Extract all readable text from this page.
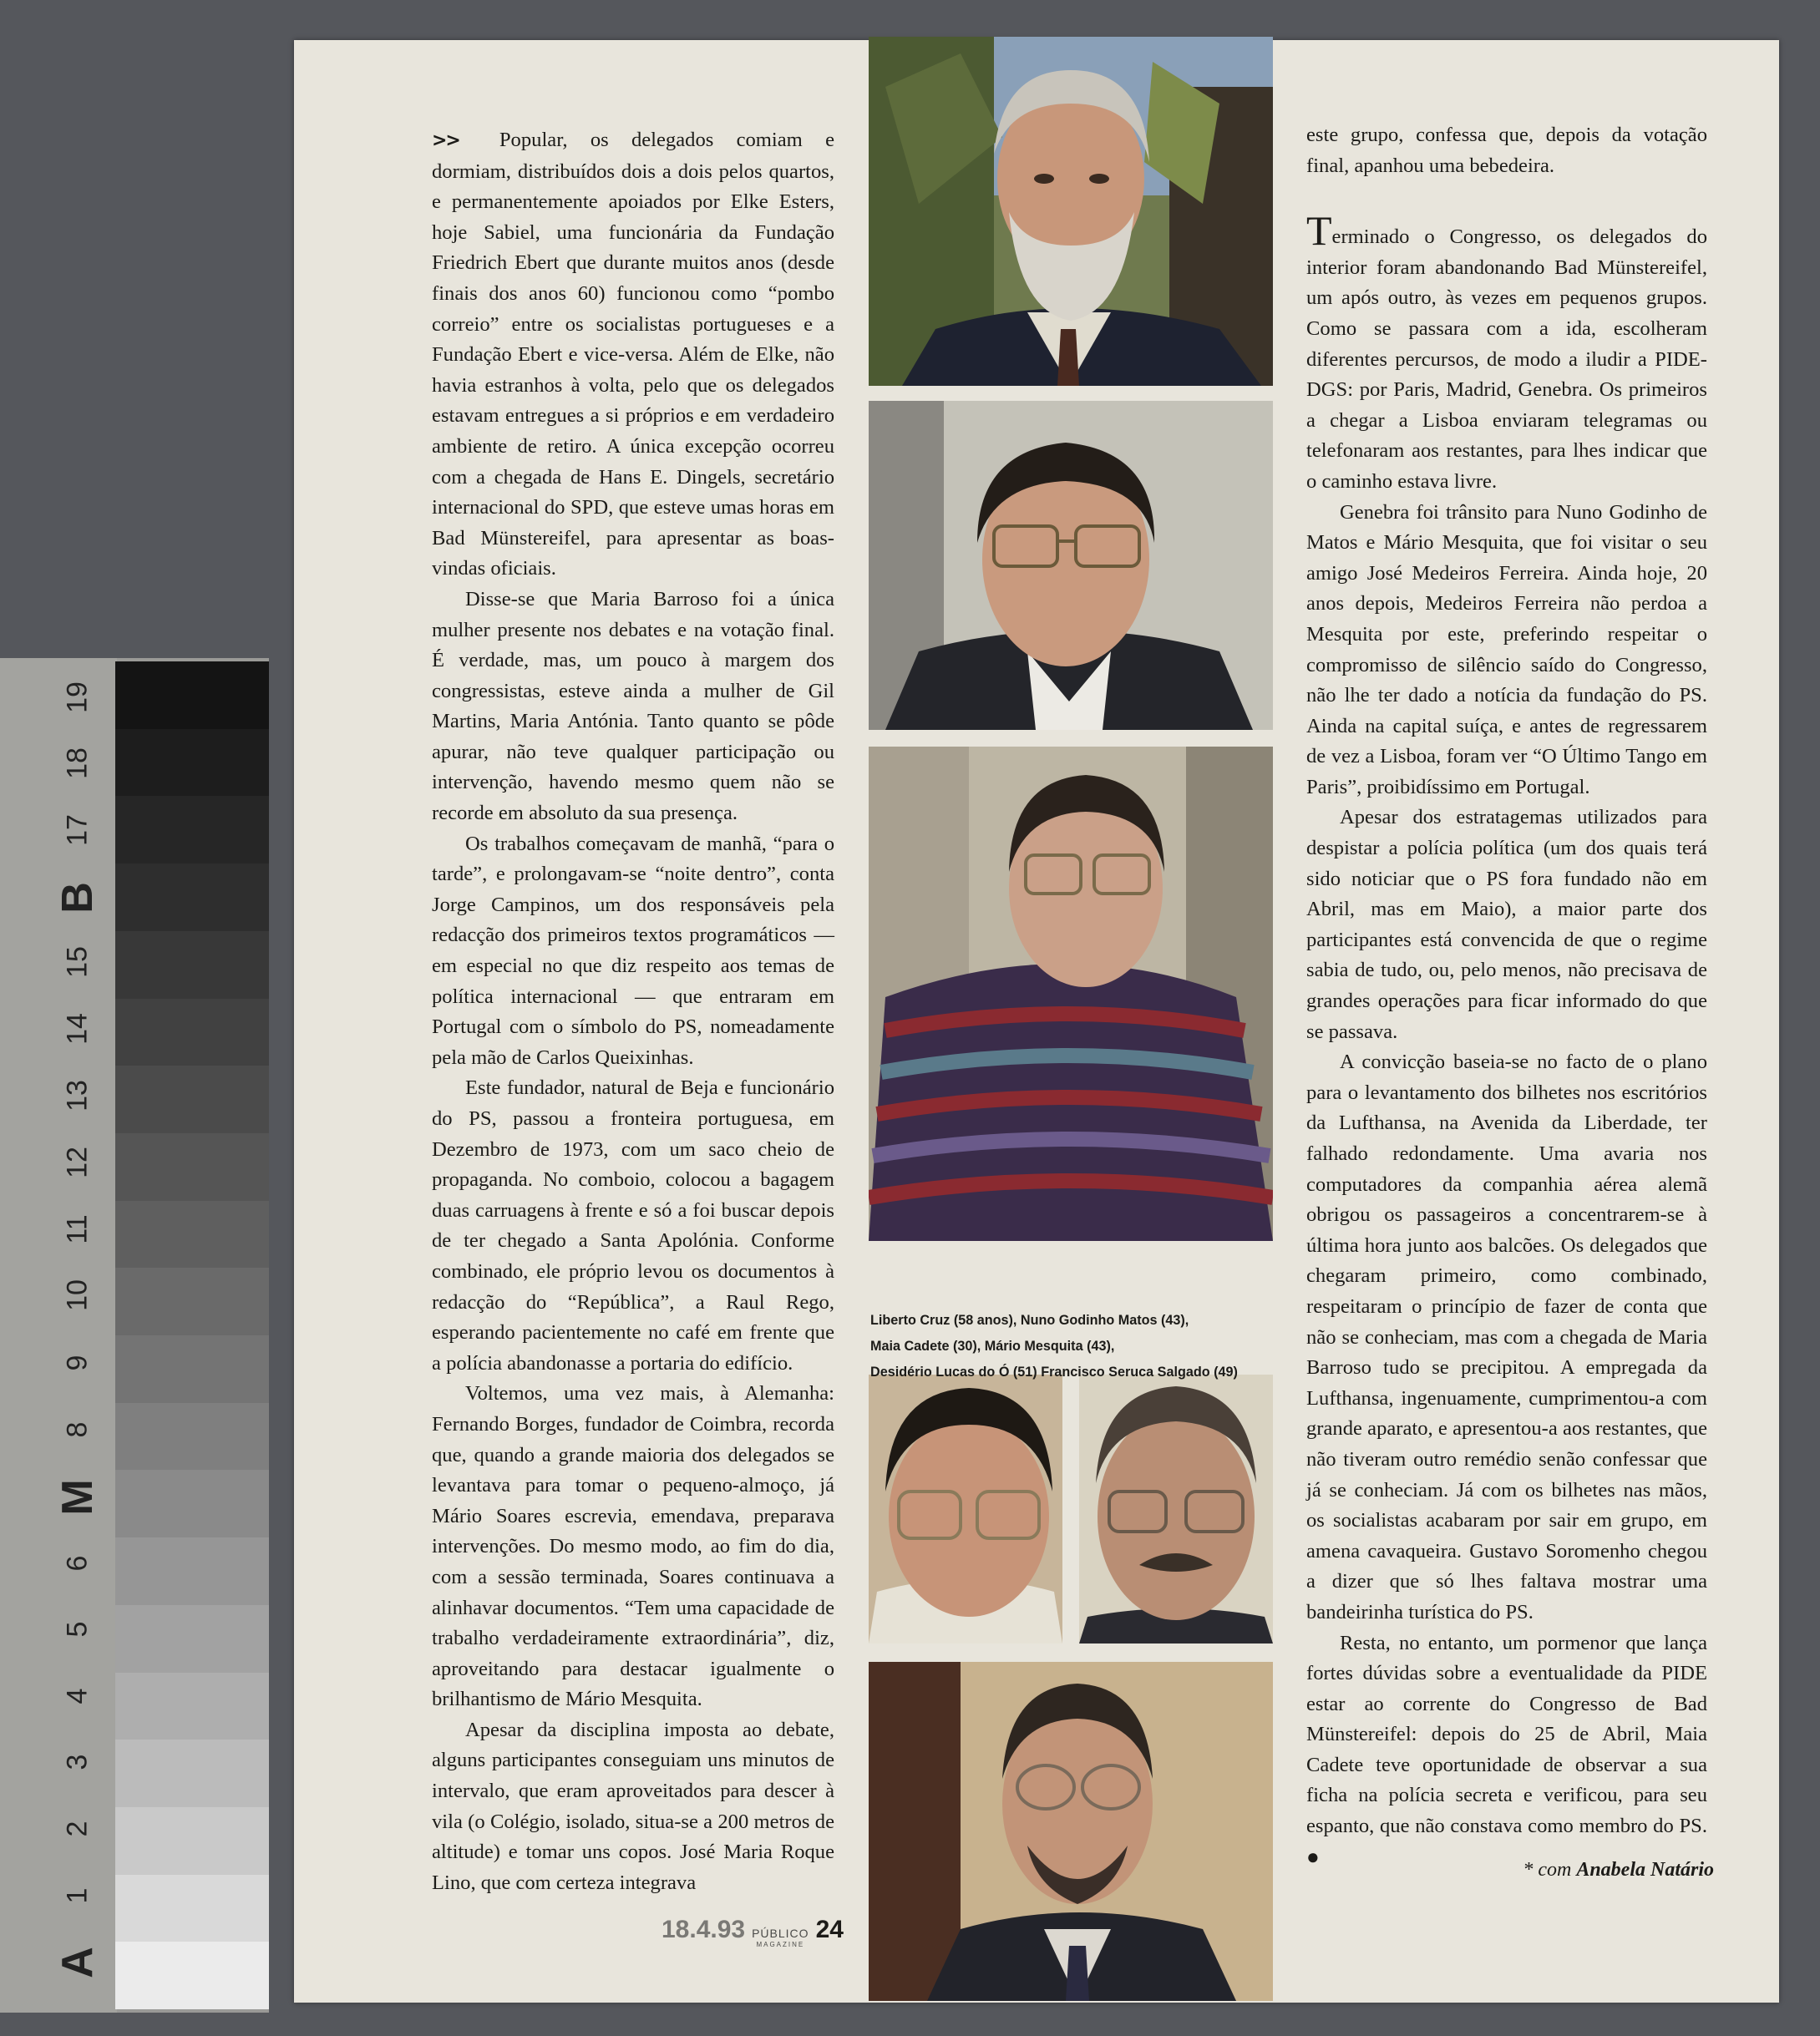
19
18
17
B
15
14
13
12
11
10
9
8
M
6
5
4
3
2
1
A

>> Popular, os delegados comiam e dormiam, distribuídos dois a dois pelos quartos, e permanentemente apoiados por Elke Esters, hoje Sabiel, uma funcionária da Fundação Friedrich Ebert que durante muitos anos (desde finais dos anos 60) funcionou como “pombo correio” entre os socialistas portugueses e a Fundação Ebert e vice-versa. Além de Elke, não havia estranhos à volta, pelo que os delegados estavam entregues a si próprios e em verdadeiro ambiente de retiro. A única excepção ocorreu com a chegada de Hans E. Dingels, secretário internacional do SPD, que esteve umas horas em Bad Münstereifel, para apresentar as boas-vindas oficiais.

Disse-se que Maria Barroso foi a única mulher presente nos debates e na votação final. É verdade, mas, um pouco à margem dos congressistas, esteve ainda a mulher de Gil Martins, Maria Antónia. Tanto quanto se pôde apurar, não teve qualquer participação ou intervenção, havendo mesmo quem não se recorde em absoluto da sua presença.

Os trabalhos começavam de manhã, “para o tarde”, e prolongavam-se “noite dentro”, conta Jorge Campinos, um dos responsáveis pela redacção dos primeiros textos programáticos — em especial no que diz respeito aos temas de política internacional — que entraram em Portugal com o símbolo do PS, nomeadamente pela mão de Carlos Queixinhas.

Este fundador, natural de Beja e funcionário do PS, passou a fronteira portuguesa, em Dezembro de 1973, com um saco cheio de propaganda. No comboio, colocou a bagagem duas carruagens à frente e só a foi buscar depois de ter chegado a Santa Apolónia. Conforme combinado, ele próprio levou os documentos à redacção do “República”, a Raul Rego, esperando pacientemente no café em frente que a polícia abandonasse a portaria do edifício.

Voltemos, uma vez mais, à Alemanha: Fernando Borges, fundador de Coimbra, recorda que, quando a grande maioria dos delegados se levantava para tomar o pequeno-almoço, já Mário Soares escrevia, emendava, preparava intervenções. Do mesmo modo, ao fim do dia, com a sessão terminada, Soares continuava a alinhavar documentos. “Tem uma capacidade de trabalho verdadeiramente extraordinária”, diz, aproveitando para destacar igualmente o brilhantismo de Mário Mesquita.

Apesar da disciplina imposta ao debate, alguns participantes conseguiam uns minutos de intervalo, que eram aproveitados para descer à vila (o Colégio, isolado, situa-se a 200 metros de altitude) e tomar uns copos. José Maria Roque Lino, que com certeza integrava

este grupo, confessa que, depois da votação final, apanhou uma bebedeira.

Terminado o Congresso, os delegados do interior foram abandonando Bad Münstereifel, um após outro, às vezes em pequenos grupos. Como se passara com a ida, escolheram diferentes percursos, de modo a iludir a PIDE-DGS: por Paris, Madrid, Genebra. Os primeiros a chegar a Lisboa enviaram telegramas ou telefonaram aos restantes, para lhes indicar que o caminho estava livre.

Genebra foi trânsito para Nuno Godinho de Matos e Mário Mesquita, que foi visitar o seu amigo José Medeiros Ferreira. Ainda hoje, 20 anos depois, Medeiros Ferreira não perdoa a Mesquita por este, preferindo respeitar o compromisso de silêncio saído do Congresso, não lhe ter dado a notícia da fundação do PS. Ainda na capital suíça, e antes de regressarem de vez a Lisboa, foram ver “O Último Tango em Paris”, proibidíssimo em Portugal.

Apesar dos estratagemas utilizados para despistar a polícia política (um dos quais terá sido noticiar que o PS fora fundado não em Abril, mas em Maio), a maior parte dos participantes está convencida de que o regime sabia de tudo, ou, pelo menos, não precisava de grandes operações para ficar informado do que se passava.

A convicção baseia-se no facto de o plano para o levantamento dos bilhetes nos escritórios da Lufthansa, na Avenida da Liberdade, ter falhado redondamente. Uma avaria nos computadores da companhia aérea alemã obrigou os passageiros a concentrarem-se à última hora junto aos balcões. Os delegados que chegaram primeiro, como combinado, respeitaram o princípio de fazer de conta que não se conheciam, mas com a chegada de Maria Barroso tudo se precipitou. A empregada da Lufthansa, ingenuamente, cumprimentou-a com grande aparato, e apresentou-a aos restantes, que não tiveram outro remédio senão confessar que já se conheciam. Já com os bilhetes nas mãos, os socialistas acabaram por sair em grupo, em amena cavaqueira. Gustavo Soromenho chegou a dizer que só lhes faltava mostrar uma bandeirinha turística do PS.

Resta, no entanto, um pormenor que lança fortes dúvidas sobre a eventualidade da PIDE estar ao corrente do Congresso de Bad Münstereifel: depois do 25 de Abril, Maia Cadete teve oportunidade de observar a sua ficha na polícia secreta e verificou, para seu espanto, que não constava como membro do PS. ●

* com Anabela Natário
18.4.93 PÚBLICO
MAGAZINE
24
Liberto Cruz (58 anos), Nuno Godinho Matos (43),
Maia Cadete (30), Mário Mesquita (43),
Desidério Lucas do Ó (51) Francisco Seruca Salgado (49)
